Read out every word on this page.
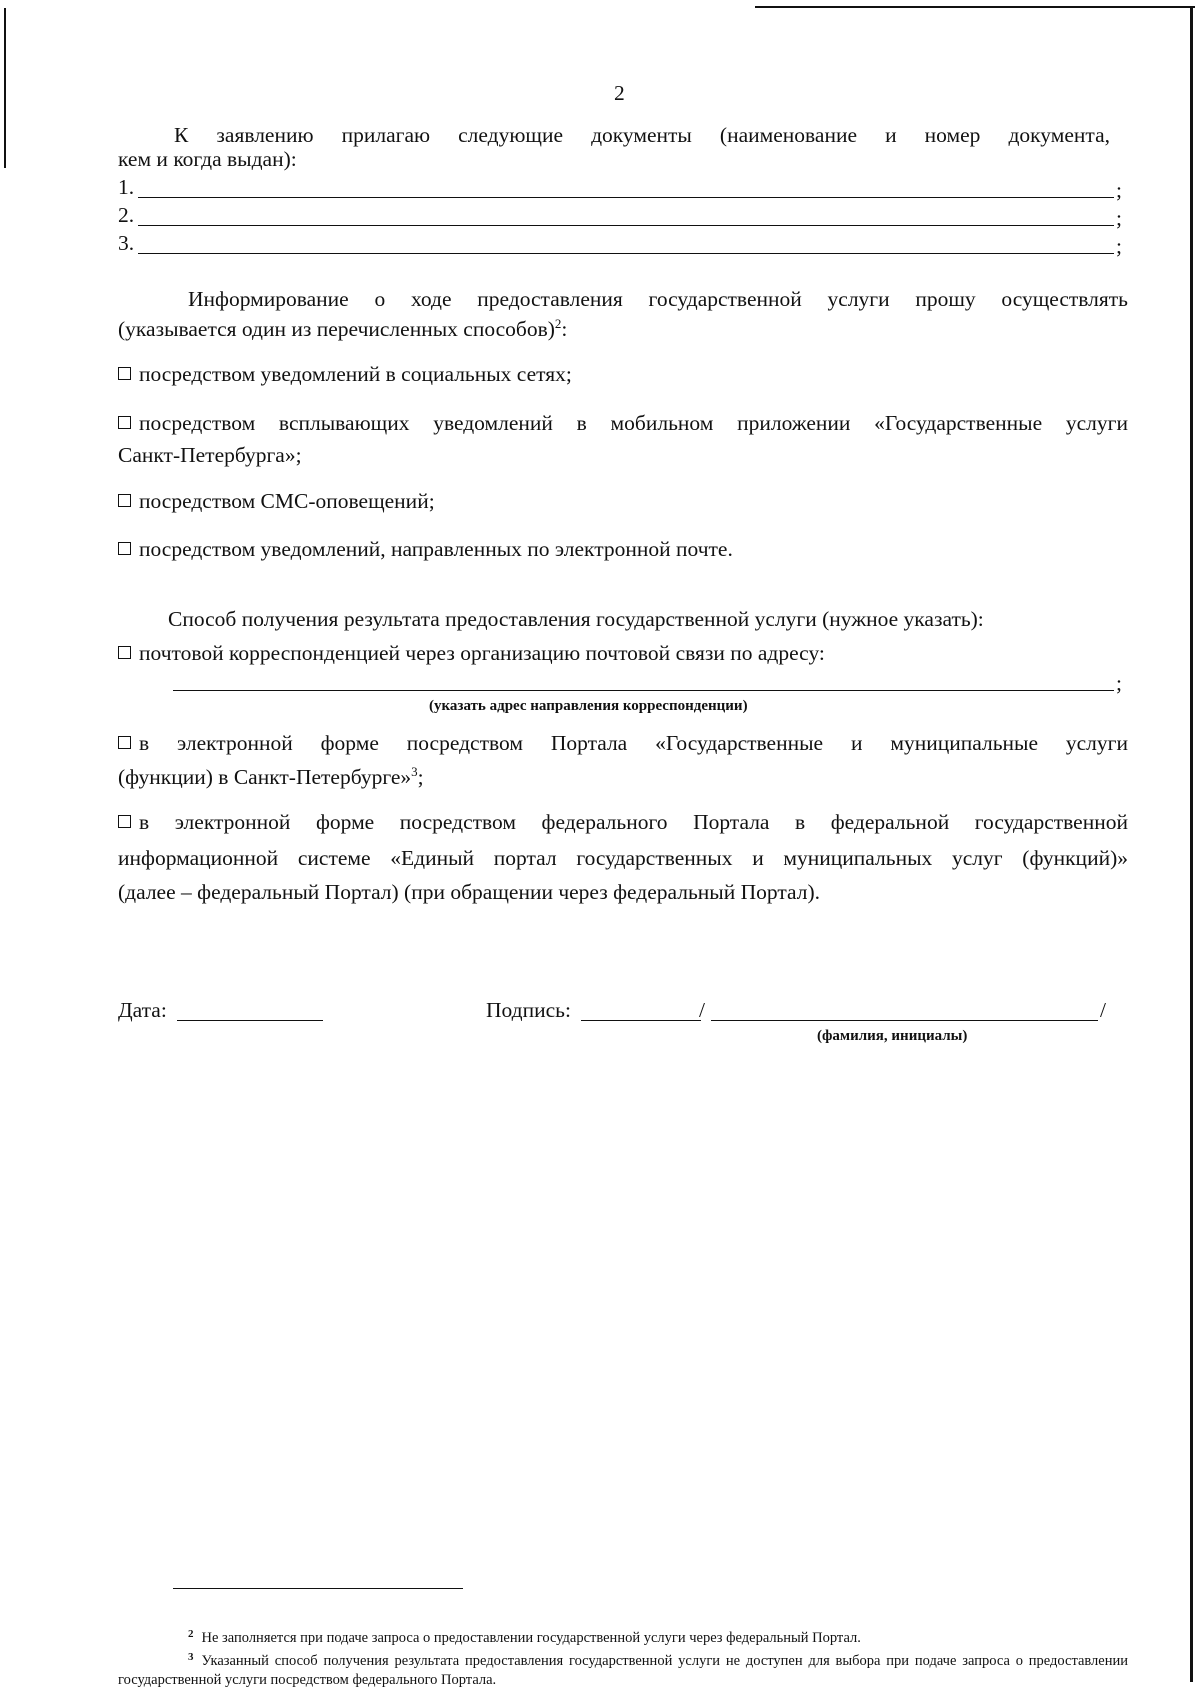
2
К заявлению прилагаю следующие документы (наименование и номер документа,
кем и когда выдан):
1.	;
2.	;
3.	;
Информирование о ходе предоставления государственной услуги прошу осуществлять
(указывается один из перечисленных способов)$^2$:
посредством уведомлений в социальных сетях;
посредством всплывающих уведомлений в мобильном приложении «Государственные услуги
Санкт-Петербурга»;
посредством СМС-оповещений;
посредством уведомлений, направленных по электронной почте.
Способ получения результата предоставления государственной услуги (нужное указать):
почтовой корреспонденцией через организацию почтовой связи по адресу:
;
(указать адрес направления корреспонденции)
в электронной форме посредством Портала «Государственные и муниципальные услуги
(функции) в Санкт-Петербурге»$^3$;
в электронной форме посредством федерального Портала в федеральной государственной
информационной системе «Единый портал государственных и муниципальных услуг (функций)»
(далее – федеральный Портал) (при обращении через федеральный Портал).
Дата:	Подпись:	/	/
(фамилия, инициалы)
$^2$ Не заполняется при подаче запроса о предоставлении государственной услуги через федеральный Портал.
$^3$ Указанный способ получения результата предоставления государственной услуги не доступен для выбора при подаче запроса о предоставлении государственной услуги посредством федерального Портала.
